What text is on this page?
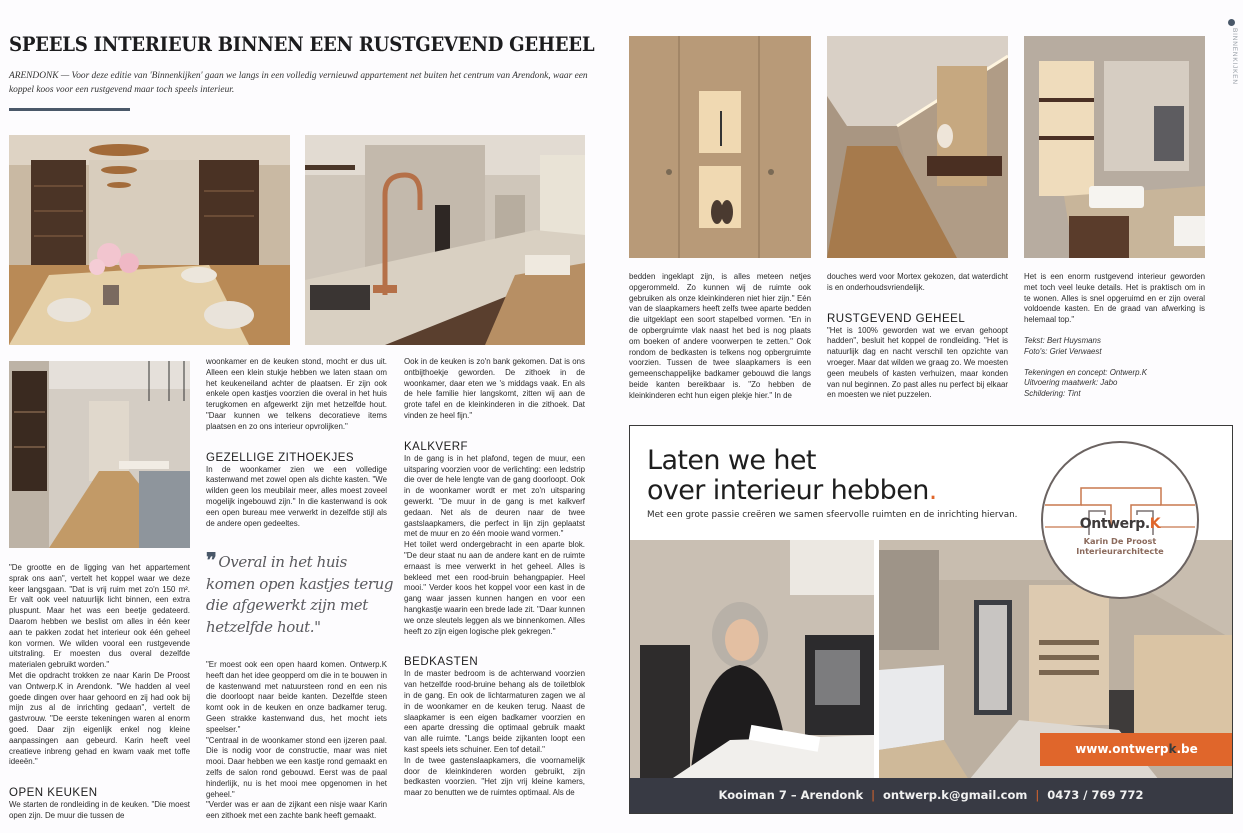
SPEELS INTERIEUR BINNEN EEN RUSTGEVEND GEHEEL

ARENDONK — Voor deze editie van 'Binnenkijken' gaan we langs in een volledig vernieuwd appartement net buiten het centrum van Arendonk, waar een koppel koos voor een rustgevend maar toch speels interieur.

"De grootte en de ligging van het appartement sprak ons aan", vertelt het koppel waar we deze keer langsgaan. "Dat is vrij ruim met zo'n 150 m². Er valt ook veel natuurlijk licht binnen, een extra pluspunt. Maar het was een beetje gedateerd. Daarom hebben we beslist om alles in één keer aan te pakken zodat het interieur ook één geheel kon vormen. We wilden vooral een rustgevende uitstraling. Er moesten dus overal dezelfde materialen gebruikt worden."

Met die opdracht trokken ze naar Karin De Proost van Ontwerp.K in Arendonk. "We hadden al veel goede dingen over haar gehoord en zij had ook bij mijn zus al de inrichting gedaan", vertelt de gastvrouw. "De eerste tekeningen waren al enorm goed. Daar zijn eigenlijk enkel nog kleine aanpassingen aan gebeurd. Karin heeft veel creatieve inbreng gehad en kwam vaak met toffe ideeën."

OPEN KEUKEN

We starten de rondleiding in de keuken. "Die moest open zijn. De muur die tussen de

woonkamer en de keuken stond, mocht er dus uit. Alleen een klein stukje hebben we laten staan om het keukeneiland achter de plaatsen. Er zijn ook enkele open kastjes voorzien die overal in het huis terugkomen en afgewerkt zijn met hetzelfde hout. "Daar kunnen we telkens decoratieve items plaatsen en zo ons interieur opvrolijken."

GEZELLIGE ZITHOEKJES

In de woonkamer zien we een volledige kastenwand met zowel open als dichte kasten. "We wilden geen los meubilair meer, alles moest zoveel mogelijk ingebouwd zijn." In die kastenwand is ook een open bureau mee verwerkt in dezelfde stijl als de andere open gedeeltes.

❞ Overal in het huis komen open kastjes terug die afgewerkt zijn met hetzelfde hout."

"Er moest ook een open haard komen. Ontwerp.K heeft dan het idee geopperd om die in te bouwen in de kastenwand met natuursteen rond en een nis die doorloopt naar beide kanten. Dezelfde steen komt ook in de keuken en onze badkamer terug. Geen strakke kastenwand dus, het mocht iets speelser."

"Centraal in de woonkamer stond een ijzeren paal. Die is nodig voor de constructie, maar was niet mooi. Daar hebben we een kastje rond gemaakt en zelfs de salon rond gebouwd. Eerst was de paal hinderlijk, nu is het mooi mee opgenomen in het geheel."

"Verder was er aan de zijkant een nisje waar Karin een zithoek met een zachte bank heeft gemaakt.

Ook in de keuken is zo'n bank gekomen. Dat is ons ontbijthoekje geworden. De zithoek in de woonkamer, daar eten we 's middags vaak. En als de hele familie hier langskomt, zitten wij aan de grote tafel en de kleinkinderen in die zithoek. Dat vinden ze heel fijn."

KALKVERF

In de gang is in het plafond, tegen de muur, een uitsparing voorzien voor de verlichting: een ledstrip die over de hele lengte van de gang doorloopt. Ook in de woonkamer wordt er met zo'n uitsparing gewerkt. "De muur in de gang is met kalkverf gedaan. Net als de deuren naar de twee gastslaapkamers, die perfect in lijn zijn geplaatst met de muur en zo één mooie wand vormen."

Het toilet werd ondergebracht in een aparte blok. "De deur staat nu aan de andere kant en de ruimte ernaast is mee verwerkt in het geheel. Alles is bekleed met een rood-bruin behangpapier. Heel mooi." Verder koos het koppel voor een kast in de gang waar jassen kunnen hangen en voor een hangkastje waarin een brede lade zit. "Daar kunnen we onze sleutels leggen als we binnenkomen. Alles heeft zo zijn eigen logische plek gekregen."

BEDKASTEN

In de master bedroom is de achterwand voorzien van hetzelfde rood-bruine behang als de toiletblok in de gang. En ook de lichtarmaturen zagen we al in de woonkamer en de keuken terug. Naast de slaapkamer is een eigen badkamer voorzien en een aparte dressing die optimaal gebruik maakt van alle ruimte. "Langs beide zijkanten loopt een kast speels iets schuiner. Een tof detail."

In de twee gastenslaapkamers, die voornamelijk door de kleinkinderen worden gebruikt, zijn bedkasten voorzien. "Het zijn vrij kleine kamers, maar zo benutten we de ruimtes optimaal. Als de

BINNENKIJKEN

bedden ingeklapt zijn, is alles meteen netjes opgerommeld. Zo kunnen wij de ruimte ook gebruiken als onze kleinkinderen niet hier zijn." Eén van de slaapkamers heeft zelfs twee aparte bedden die uitgeklapt een soort stapelbed vormen. "En in de opbergruimte vlak naast het bed is nog plaats om boeken of andere voorwerpen te zetten." Ook rondom de bedkasten is telkens nog opbergruimte voorzien. Tussen de twee slaapkamers is een gemeenschappelijke badkamer gebouwd die langs beide kanten bereikbaar is. "Zo hebben de kleinkinderen echt hun eigen plekje hier." In de

douches werd voor Mortex gekozen, dat waterdicht is en onderhoudsvriendelijk.

RUSTGEVEND GEHEEL

"Het is 100% geworden wat we ervan gehoopt hadden", besluit het koppel de rondleiding. "Het is natuurlijk dag en nacht verschil ten opzichte van vroeger. Maar dat wilden we graag zo. We moesten geen meubels of kasten verhuizen, maar konden van nul beginnen. Zo past alles nu perfect bij elkaar en moesten we niet puzzelen.

Het is een enorm rustgevend interieur geworden met toch veel leuke details. Het is praktisch om in te wonen. Alles is snel opgeruimd en er zijn overal voldoende kasten. En de graad van afwerking is helemaal top."

Tekst: Bert Huysmans
Foto's: Griet Verwaest
Tekeningen en concept: Ontwerp.K
Uitvoering maatwerk: Jabo
Schildering: Tint
Laten we het
over interieur hebben.
Met een grote passie creëren we samen sfeervolle ruimten en de inrichting hiervan.
Ontwerp.K
Karin De Proost
Interieurarchitecte
www.ontwerpk.be
Kooiman 7 – Arendonk | ontwerp.k@gmail.com | 0473 / 769 772
